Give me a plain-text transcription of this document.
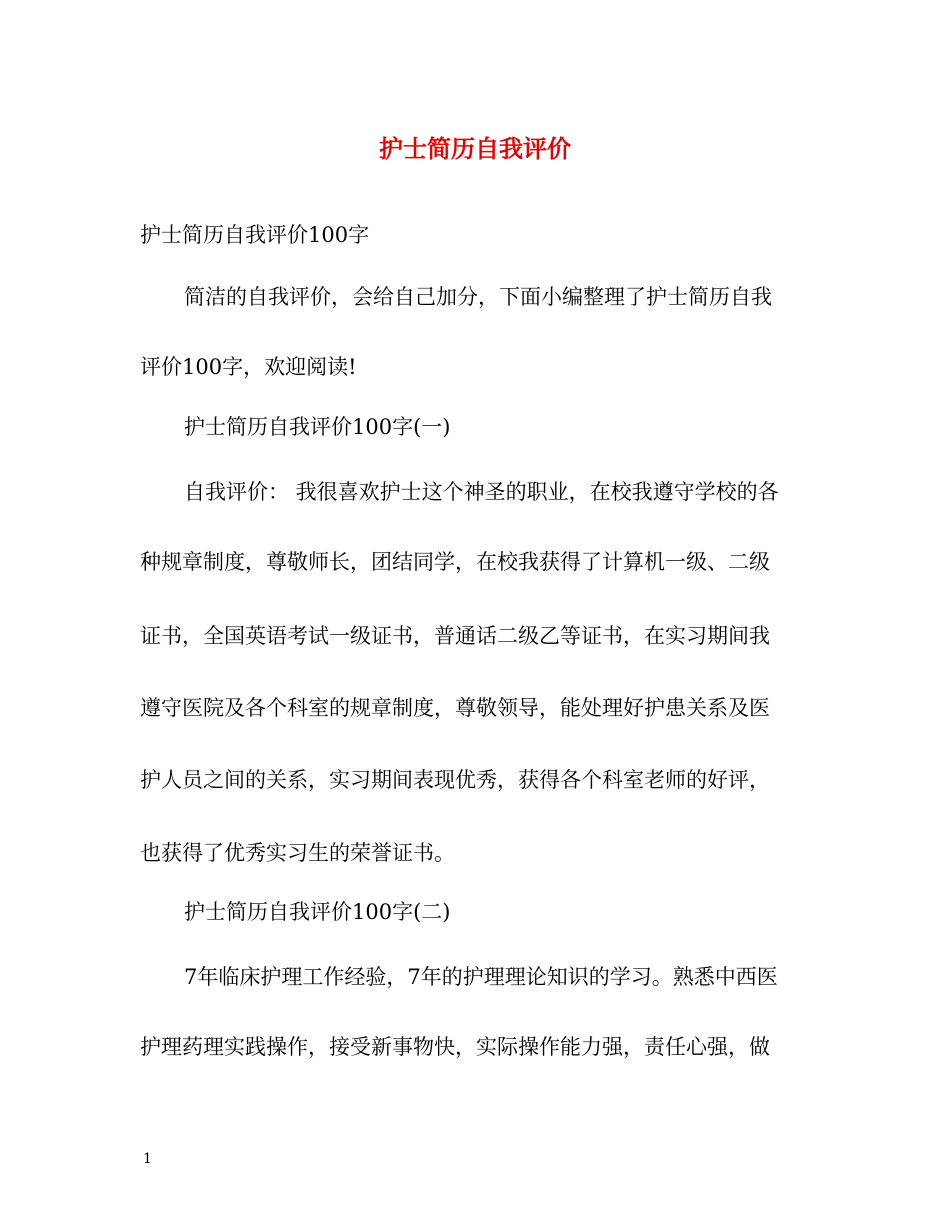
护士简历自我评价
护士简历自我评价100字
简洁的自我评价，会给自己加分，下面小编整理了护士简历自我
评价100字，欢迎阅读!
护士简历自我评价100字(一)
自我评价： 我很喜欢护士这个神圣的职业，在校我遵守学校的各
种规章制度，尊敬师长，团结同学，在校我获得了计算机一级、二级
证书，全国英语考试一级证书，普通话二级乙等证书，在实习期间我
遵守医院及各个科室的规章制度，尊敬领导，能处理好护患关系及医
护人员之间的关系，实习期间表现优秀，获得各个科室老师的好评，
也获得了优秀实习生的荣誉证书。
护士简历自我评价100字(二)
7年临床护理工作经验，7年的护理理论知识的学习。熟悉中西医
护理药理实践操作，接受新事物快，实际操作能力强，责任心强，做
1
